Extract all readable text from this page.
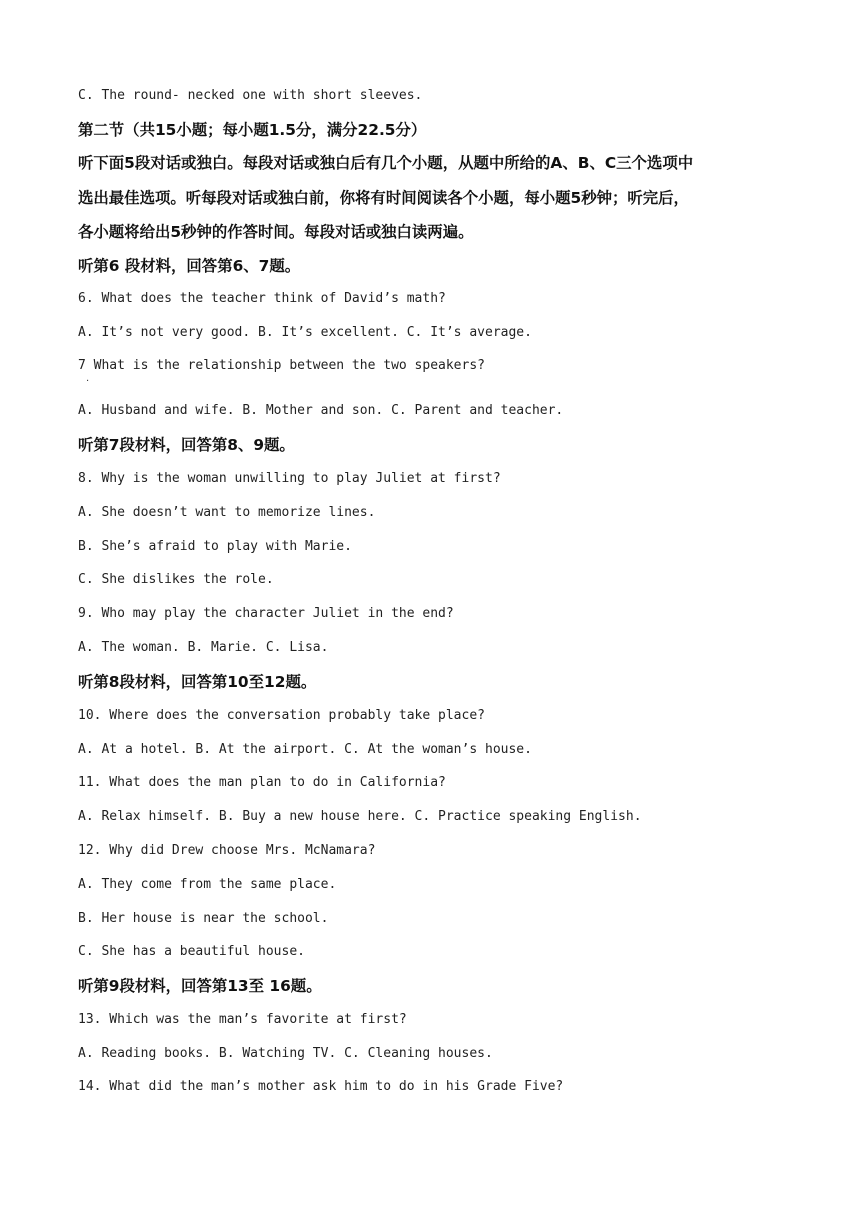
C. The round- necked one with short sleeves.
第二节（共15小题；每小题1.5分，满分22.5分）
听下面5段对话或独白。每段对话或独白后有几个小题，从题中所给的A、B、C三个选项中
选出最佳选项。听每段对话或独白前，你将有时间阅读各个小题，每小题5秒钟；听完后，
各小题将给出5秒钟的作答时间。每段对话或独白读两遍。
听第6 段材料，回答第6、7题。
6. What does the teacher think of David’s math?
A. It’s not very good. B. It’s excellent. C. It’s average.
7 What is the relationship between the two speakers?
·
A. Husband and wife. B. Mother and son. C. Parent and teacher.
听第7段材料，回答第8、9题。
8. Why is the woman unwilling to play Juliet at first?
A. She doesn’t want to memorize lines.
B. She’s afraid to play with Marie.
C. She dislikes the role.
9. Who may play the character Juliet in the end?
A. The woman. B. Marie. C. Lisa.
听第8段材料，回答第10至12题。
10. Where does the conversation probably take place?
A. At a hotel. B. At the airport. C. At the woman’s house.
11. What does the man plan to do in California?
A. Relax himself. B. Buy a new house here. C. Practice speaking English.
12. Why did Drew choose Mrs. McNamara?
A. They come from the same place.
B. Her house is near the school.
C. She has a beautiful house.
听第9段材料，回答第13至 16题。
13. Which was the man’s favorite at first?
A. Reading books. B. Watching TV. C. Cleaning houses.
14. What did the man’s mother ask him to do in his Grade Five?
